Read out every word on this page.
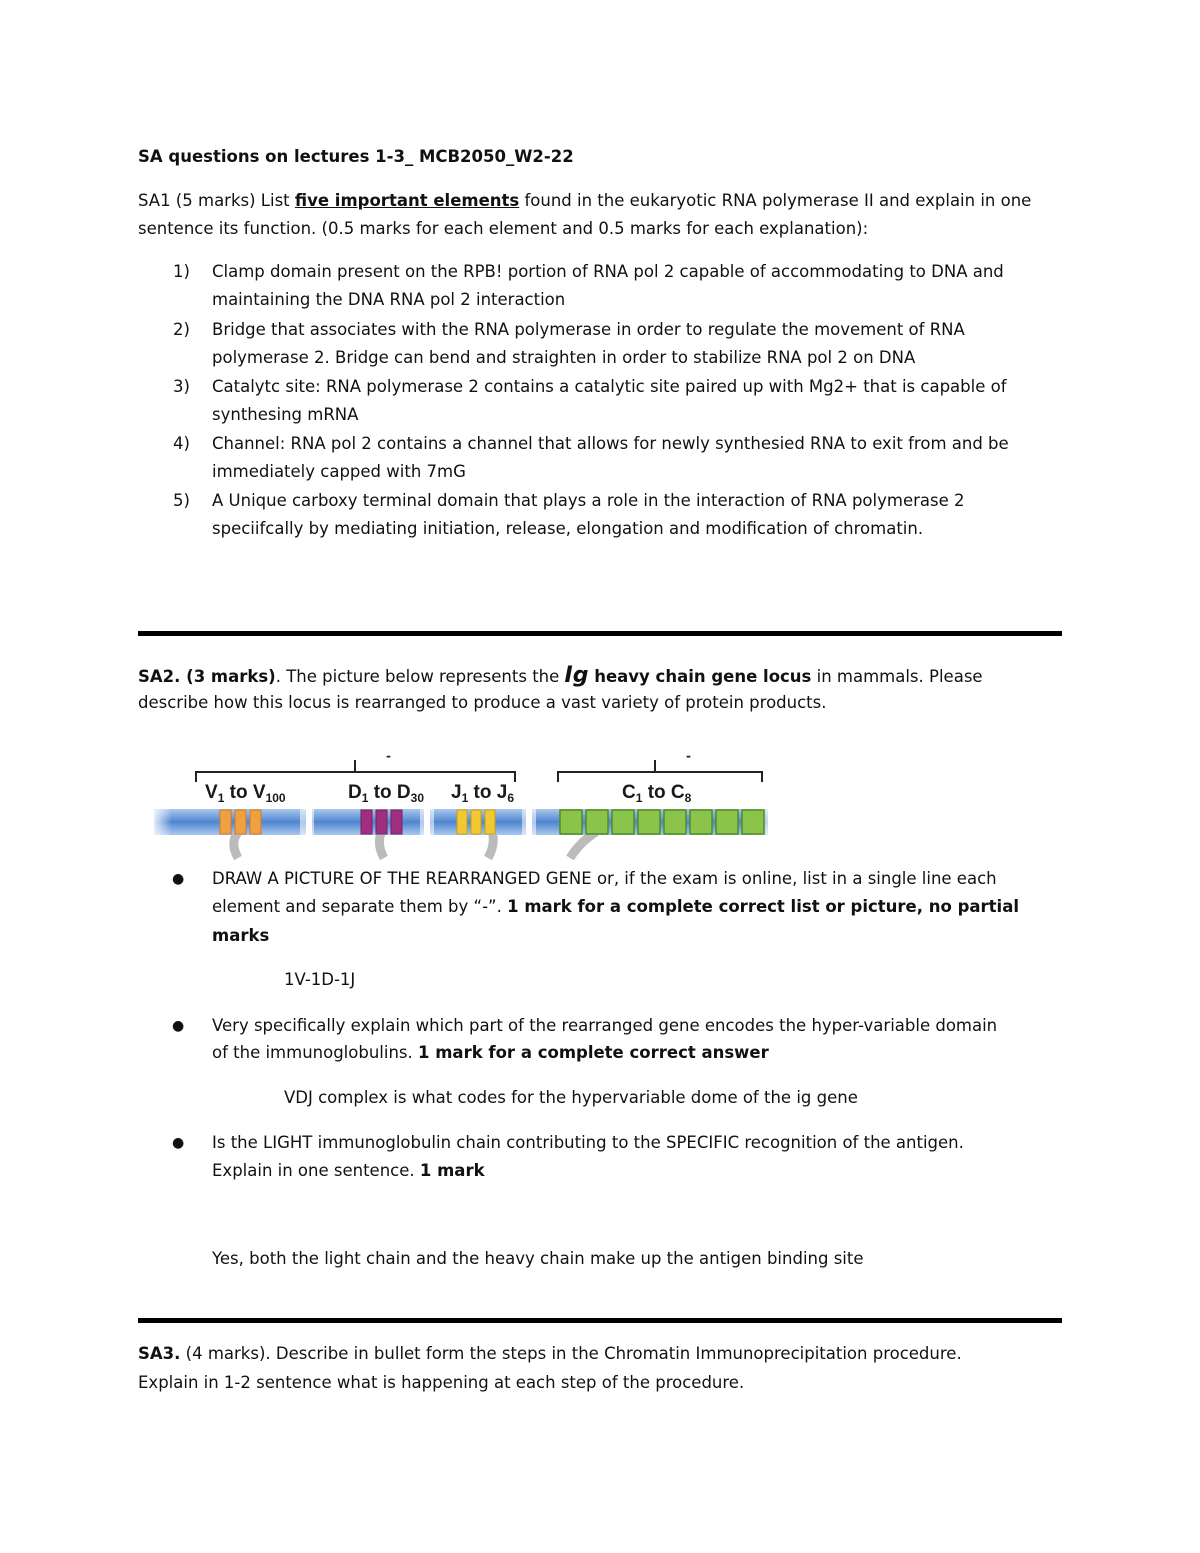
SA questions on lectures 1-3_ MCB2050_W2-22
SA1 (5 marks) List five important elements found in the eukaryotic RNA polymerase II and explain in one
sentence its function. (0.5 marks for each element and 0.5 marks for each explanation):
1) Clamp domain present on the RPB! portion of RNA pol 2 capable of accommodating to DNA and
maintaining the DNA RNA pol 2 interaction
2) Bridge that associates with the RNA polymerase in order to regulate the movement of RNA
polymerase 2. Bridge can bend and straighten in order to stabilize RNA pol 2 on DNA
3) Catalytc site: RNA polymerase 2 contains a catalytic site paired up with Mg2+ that is capable of
synthesing mRNA
4) Channel: RNA pol 2 contains a channel that allows for newly synthesied RNA to exit from and be
immediately capped with 7mG
5) A Unique carboxy terminal domain that plays a role in the interaction of RNA polymerase 2
speciifcally by mediating initiation, release, elongation and modification of chromatin.
SA2. (3 marks). The picture below represents the Ig heavy chain gene locus in mammals. Please
describe how this locus is rearranged to produce a vast variety of protein products.
-	-
$V_1$ to $V_{100}$	$D_1$ to $D_{30}$ $J_1$ to $J_6$	$C_1$ to $C_8$
● DRAW A PICTURE OF THE REARRANGED GENE or, if the exam is online, list in a single line each
element and separate them by “-”. 1 mark for a complete correct list or picture, no partial
marks
1V-1D-1J
● Very specifically explain which part of the rearranged gene encodes the hyper-variable domain
of the immunoglobulins. 1 mark for a complete correct answer
VDJ complex is what codes for the hypervariable dome of the ig gene
● Is the LIGHT immunoglobulin chain contributing to the SPECIFIC recognition of the antigen.
Explain in one sentence. 1 mark
Yes, both the light chain and the heavy chain make up the antigen binding site
SA3. (4 marks). Describe in bullet form the steps in the Chromatin Immunoprecipitation procedure.
Explain in 1-2 sentence what is happening at each step of the procedure.
